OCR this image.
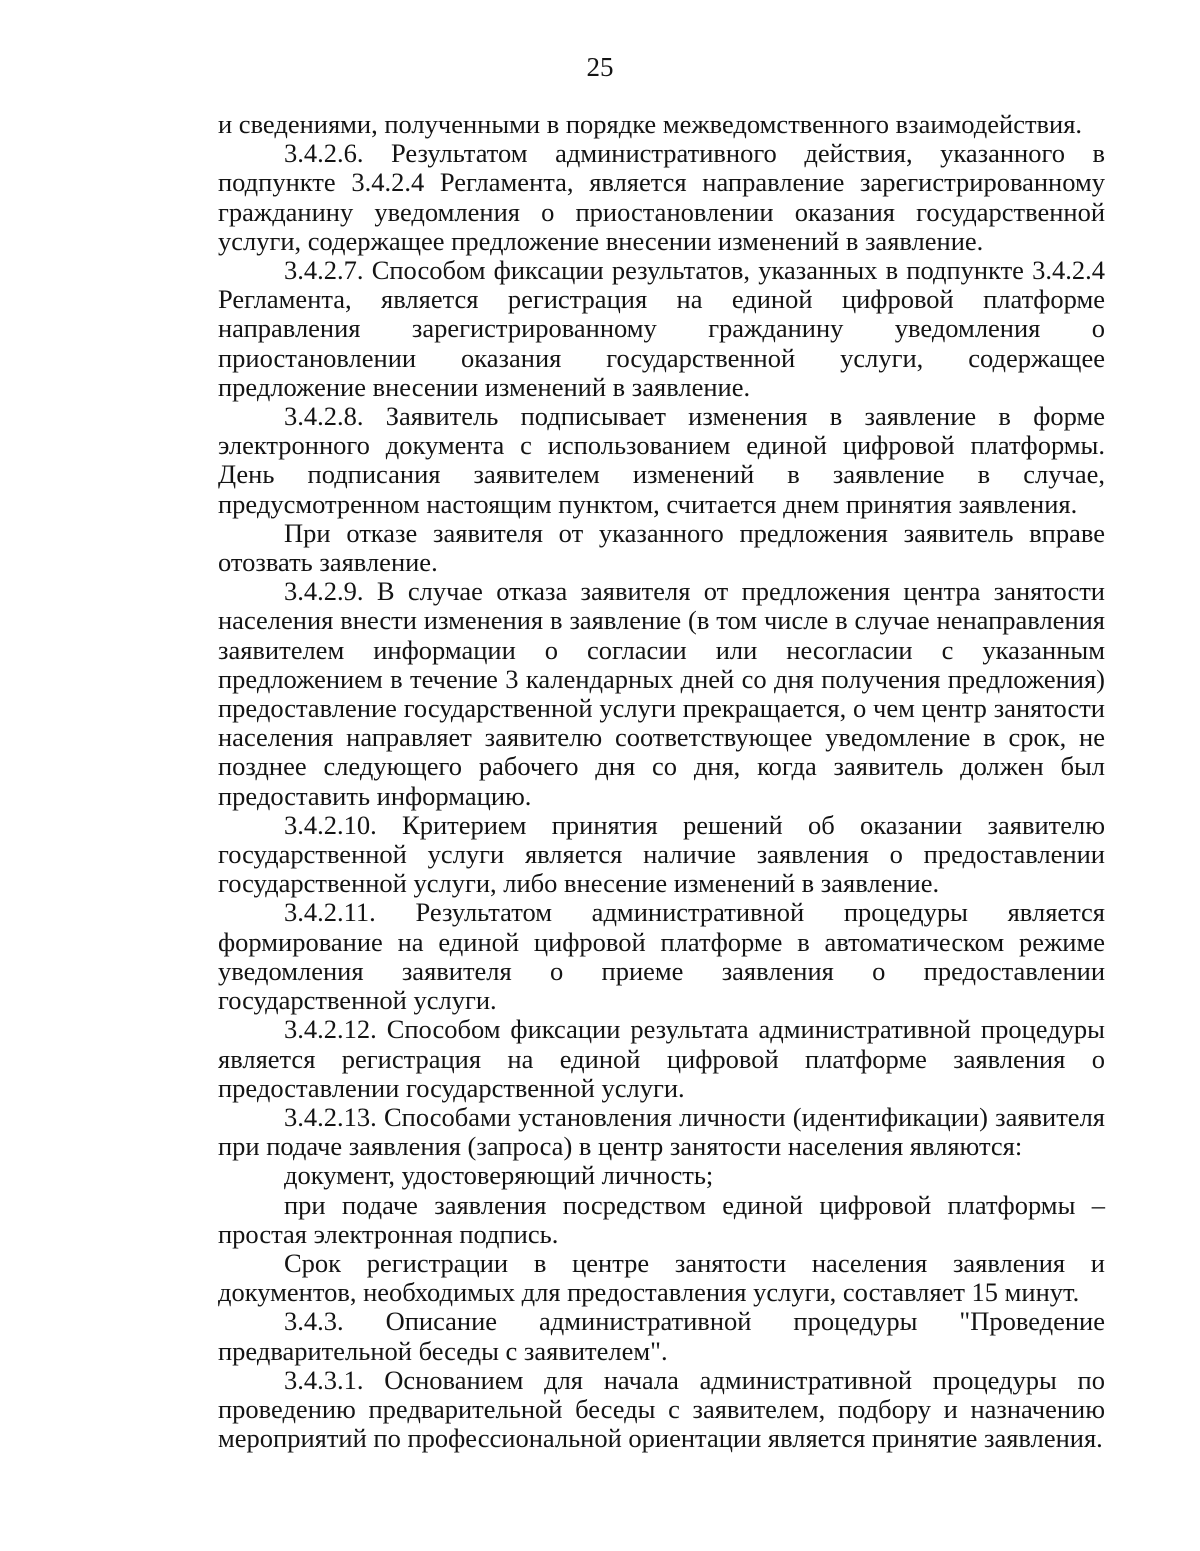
25

и сведениями, полученными в порядке межведомственного взаимодействия.

3.4.2.6. Результатом административного действия, указанного в подпункте 3.4.2.4 Регламента, является направление зарегистрированному гражданину уведомления о приостановлении оказания государственной услуги, содержащее предложение внесении изменений в заявление.

3.4.2.7. Способом фиксации результатов, указанных в подпункте 3.4.2.4 Регламента, является регистрация на единой цифровой платформе направления зарегистрированному гражданину уведомления о приостановлении оказания государственной услуги, содержащее предложение внесении изменений в заявление.

3.4.2.8. Заявитель подписывает изменения в заявление в форме электронного документа с использованием единой цифровой платформы. День подписания заявителем изменений в заявление в случае, предусмотренном настоящим пунктом, считается днем принятия заявления.

При отказе заявителя от указанного предложения заявитель вправе отозвать заявление.

3.4.2.9. В случае отказа заявителя от предложения центра занятости населения внести изменения в заявление (в том числе в случае ненаправления заявителем информации о согласии или несогласии с указанным предложением в течение 3 календарных дней со дня получения предложения) предоставление государственной услуги прекращается, о чем центр занятости населения направляет заявителю соответствующее уведомление в срок, не позднее следующего рабочего дня со дня, когда заявитель должен был предоставить информацию.

3.4.2.10. Критерием принятия решений об оказании заявителю государственной услуги является наличие заявления о предоставлении государственной услуги, либо внесение изменений в заявление.

3.4.2.11. Результатом административной процедуры является формирование на единой цифровой платформе в автоматическом режиме уведомления заявителя о приеме заявления о предоставлении государственной услуги.

3.4.2.12. Способом фиксации результата административной процедуры является регистрация на единой цифровой платформе заявления о предоставлении государственной услуги.

3.4.2.13. Способами установления личности (идентификации) заявителя при подаче заявления (запроса) в центр занятости населения являются:

документ, удостоверяющий личность;

при подаче заявления посредством единой цифровой платформы – простая электронная подпись.

Срок регистрации в центре занятости населения заявления и документов, необходимых для предоставления услуги, составляет 15 минут.

3.4.3. Описание административной процедуры "Проведение предварительной беседы с заявителем".

3.4.3.1. Основанием для начала административной процедуры по проведению предварительной беседы с заявителем, подбору и назначению мероприятий по профессиональной ориентации является принятие заявления.
